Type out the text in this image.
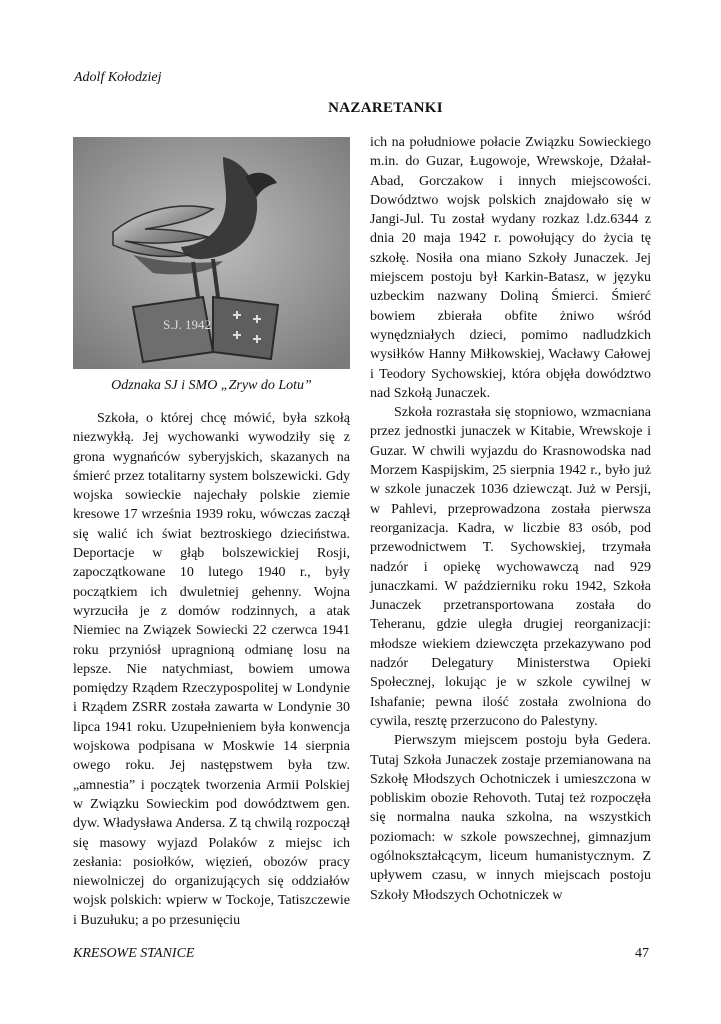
Adolf Kołodziej

NAZARETANKI
S.J. 1942

Odznaka SJ i SMO „Zryw do Lotu”

Szkoła, o której chcę mówić, była szkołą niezwykłą. Jej wychowanki wywodziły się z grona wygnańców syberyjskich, skazanych na śmierć przez totalitarny system bolszewicki. Gdy wojska sowieckie najechały polskie ziemie kresowe 17 września 1939 roku, wówczas zaczął się walić ich świat beztroskiego dzieciństwa. Deportacje w głąb bolszewickiej Rosji, zapoczątkowane 10 lutego 1940 r., były początkiem ich dwuletniej gehenny. Wojna wyrzuciła je z domów rodzinnych, a atak Niemiec na Związek Sowiecki 22 czerwca 1941 roku przyniósł upragnioną odmianę losu na lepsze. Nie natychmiast, bowiem umowa pomiędzy Rządem Rzeczypospolitej w Londynie i Rządem ZSRR została zawarta w Londynie 30 lipca 1941 roku. Uzupełnieniem była konwencja wojskowa podpisana w Moskwie 14 sierpnia owego roku. Jej następstwem była tzw. „amnestia” i początek tworzenia Armii Polskiej w Związku Sowieckim pod dowództwem gen. dyw. Władysława Andersa. Z tą chwilą rozpoczął się masowy wyjazd Polaków z miejsc ich zesłania: posiołków, więzień, obozów pracy niewolniczej do organizujących się oddziałów wojsk polskich: wpierw w Tockoje, Tatiszczewie i Buzułuku; a po przesunięciu

ich na południowe połacie Związku Sowieckiego m.in. do Guzar, Ługowoje, Wrewskoje, Dżałał-Abad, Gorczakow i innych miejscowości. Dowództwo wojsk polskich znajdowało się w Jangi-Jul. Tu został wydany rozkaz l.dz.6344 z dnia 20 maja 1942 r. powołujący do życia tę szkołę. Nosiła ona miano Szkoły Junaczek. Jej miejscem postoju był Karkin-Batasz, w języku uzbeckim nazwany Doliną Śmierci. Śmierć bowiem zbierała obfite żniwo wśród wynędzniałych dzieci, pomimo nadludzkich wysiłków Hanny Miłkowskiej, Wacławy Całowej i Teodory Sychowskiej, która objęła dowództwo nad Szkołą Junaczek.

Szkoła rozrastała się stopniowo, wzmacniana przez jednostki junaczek w Kitabie, Wrewskoje i Guzar. W chwili wyjazdu do Krasnowodska nad Morzem Kaspijskim, 25 sierpnia 1942 r., było już w szkole junaczek 1036 dziewcząt. Już w Persji, w Pahlevi, przeprowadzona została pierwsza reorganizacja. Kadra, w liczbie 83 osób, pod przewodnictwem T. Sychowskiej, trzymała nadzór i opiekę wychowawczą nad 929 junaczkami. W październiku roku 1942, Szkoła Junaczek przetransportowana została do Teheranu, gdzie uległa drugiej reorganizacji: młodsze wiekiem dziewczęta przekazywano pod nadzór Delegatury Ministerstwa Opieki Społecznej, lokując je w szkole cywilnej w Ishafanie; pewna ilość została zwolniona do cywila, resztę przerzucono do Palestyny.

Pierwszym miejscem postoju była Gedera. Tutaj Szkoła Junaczek zostaje przemianowana na Szkołę Młodszych Ochotniczek i umieszczona w pobliskim obozie Rehovoth. Tutaj też rozpoczęła się normalna nauka szkolna, na wszystkich poziomach: w szkole powszechnej, gimnazjum ogólnokształcącym, liceum humanistycznym. Z upływem czasu, w innych miejscach postoju Szkoły Młodszych Ochotniczek w

KRESOWE STANICE	47
